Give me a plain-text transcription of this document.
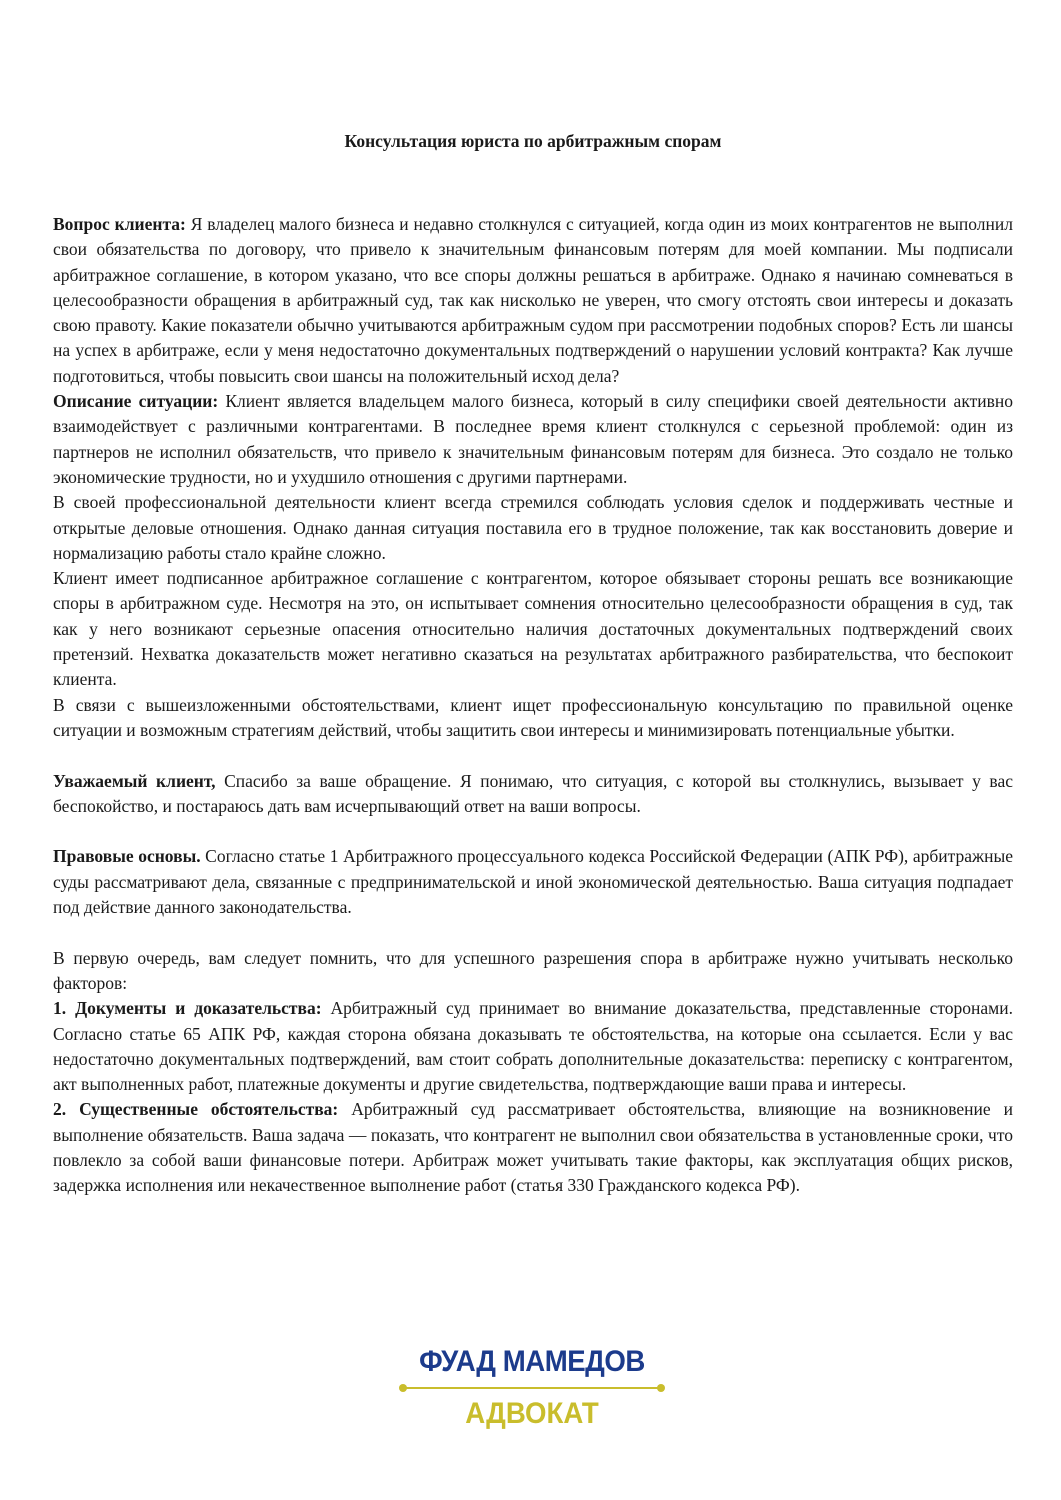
Консультация юриста по арбитражным спорам

Вопрос клиента: Я владелец малого бизнеса и недавно столкнулся с ситуацией, когда один из моих контрагентов не выполнил свои обязательства по договору, что привело к значительным финансовым потерям для моей компании. Мы подписали арбитражное соглашение, в котором указано, что все споры должны решаться в арбитраже. Однако я начинаю сомневаться в целесообразности обращения в арбитражный суд, так как нисколько не уверен, что смогу отстоять свои интересы и доказать свою правоту. Какие показатели обычно учитываются арбитражным судом при рассмотрении подобных споров? Есть ли шансы на успех в арбитраже, если у меня недостаточно документальных подтверждений о нарушении условий контракта? Как лучше подготовиться, чтобы повысить свои шансы на положительный исход дела?

Описание ситуации: Клиент является владельцем малого бизнеса, который в силу специфики своей деятельности активно взаимодействует с различными контрагентами. В последнее время клиент столкнулся с серьезной проблемой: один из партнеров не исполнил обязательств, что привело к значительным финансовым потерям для бизнеса. Это создало не только экономические трудности, но и ухудшило отношения с другими партнерами.

В своей профессиональной деятельности клиент всегда стремился соблюдать условия сделок и поддерживать честные и открытые деловые отношения. Однако данная ситуация поставила его в трудное положение, так как восстановить доверие и нормализацию работы стало крайне сложно.

Клиент имеет подписанное арбитражное соглашение с контрагентом, которое обязывает стороны решать все возникающие споры в арбитражном суде. Несмотря на это, он испытывает сомнения относительно целесообразности обращения в суд, так как у него возникают серьезные опасения относительно наличия достаточных документальных подтверждений своих претензий. Нехватка доказательств может негативно сказаться на результатах арбитражного разбирательства, что беспокоит клиента.

В связи с вышеизложенными обстоятельствами, клиент ищет профессиональную консультацию по правильной оценке ситуации и возможным стратегиям действий, чтобы защитить свои интересы и минимизировать потенциальные убытки.

Уважаемый клиент, Спасибо за ваше обращение. Я понимаю, что ситуация, с которой вы столкнулись, вызывает у вас беспокойство, и постараюсь дать вам исчерпывающий ответ на ваши вопросы.

Правовые основы. Согласно статье 1 Арбитражного процессуального кодекса Российской Федерации (АПК РФ), арбитражные суды рассматривают дела, связанные с предпринимательской и иной экономической деятельностью. Ваша ситуация подпадает под действие данного законодательства.

В первую очередь, вам следует помнить, что для успешного разрешения спора в арбитраже нужно учитывать несколько факторов:

1. Документы и доказательства: Арбитражный суд принимает во внимание доказательства, представленные сторонами. Согласно статье 65 АПК РФ, каждая сторона обязана доказывать те обстоятельства, на которые она ссылается. Если у вас недостаточно документальных подтверждений, вам стоит собрать дополнительные доказательства: переписку с контрагентом, акт выполненных работ, платежные документы и другие свидетельства, подтверждающие ваши права и интересы.

2. Существенные обстоятельства: Арбитражный суд рассматривает обстоятельства, влияющие на возникновение и выполнение обязательств. Ваша задача — показать, что контрагент не выполнил свои обязательства в установленные сроки, что повлекло за собой ваши финансовые потери. Арбитраж может учитывать такие факторы, как эксплуатация общих рисков, задержка исполнения или некачественное выполнение работ (статья 330 Гражданского кодекса РФ).

ФУАД МАМЕДОВ
АДВОКАТ
